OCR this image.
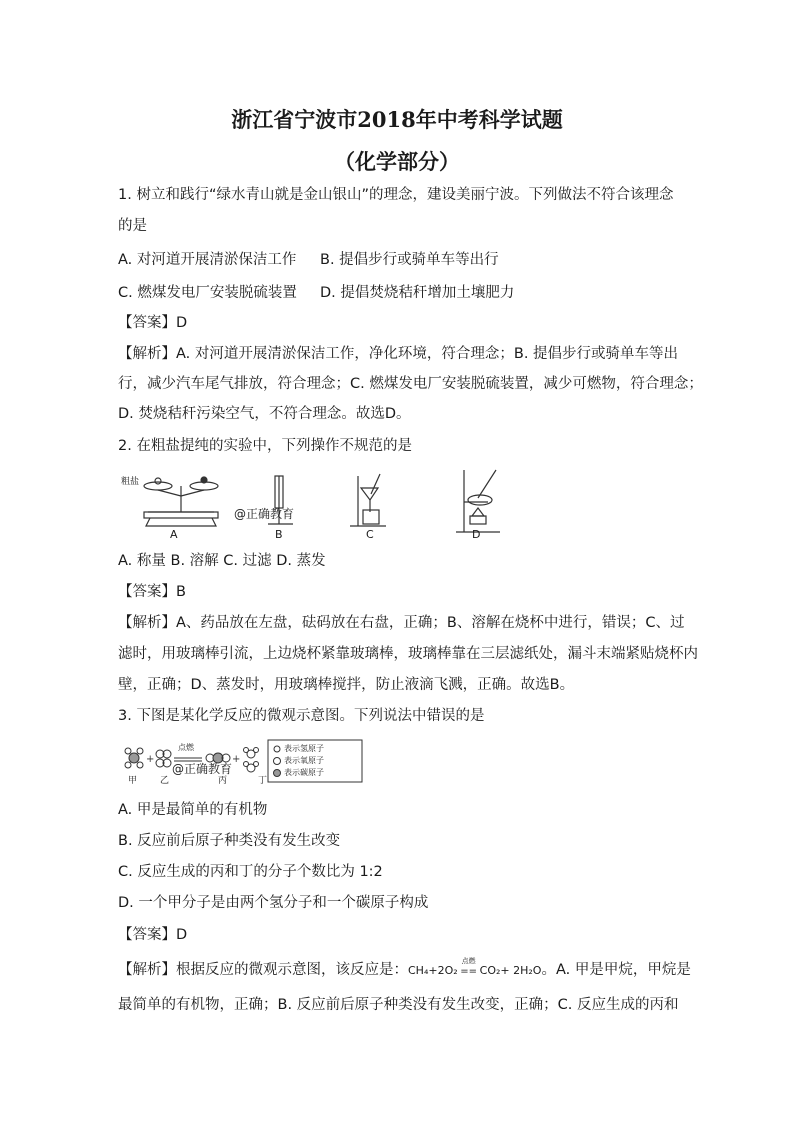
浙江省宁波市2018年中考科学试题
（化学部分）
1. 树立和践行“绿水青山就是金山银山”的理念，建设美丽宁波。下列做法不符合该理念
的是
A. 对河道开展清淤保洁工作 B. 提倡步行或骑单车等出行
C. 燃煤发电厂安装脱硫装置 D. 提倡焚烧秸秆增加土壤肥力
【答案】D
【解析】A. 对河道开展清淤保洁工作，净化环境，符合理念；B. 提倡步行或骑单车等出
行，减少汽车尾气排放，符合理念；C. 燃煤发电厂安装脱硫装置，减少可燃物，符合理念；
D. 焚烧秸秆污染空气，不符合理念。故选D。
2. 在粗盐提纯的实验中，下列操作不规范的是
粗盐
A	B	C	D
@正确教育
A. 称量 B. 溶解 C. 过滤 D. 蒸发
【答案】B
【解析】A、药品放在左盘，砝码放在右盘，正确；B、溶解在烧杯中进行，错误；C、过
滤时，用玻璃棒引流，上边烧杯紧靠玻璃棒，玻璃棒靠在三层滤纸处，漏斗末端紧贴烧杯内
壁，正确；D、蒸发时，用玻璃棒搅拌，防止液滴飞溅，正确。故选B。
3. 下图是某化学反应的微观示意图。下列说法中错误的是
+	+
点燃
甲	乙	丙	丁
表示氢原子
表示氧原子
表示碳原子
@正确教育
A. 甲是最简单的有机物
B. 反应前后原子种类没有发生改变
C. 反应生成的丙和丁的分子个数比为 1:2
D. 一个甲分子是由两个氢分子和一个碳原子构成
【答案】D
【解析】根据反应的微观示意图，该反应是：CH₄+2O₂
点燃
== CO₂+ 2H₂O。A. 甲是甲烷，甲烷是
最简单的有机物，正确；B. 反应前后原子种类没有发生改变，正确；C. 反应生成的丙和
